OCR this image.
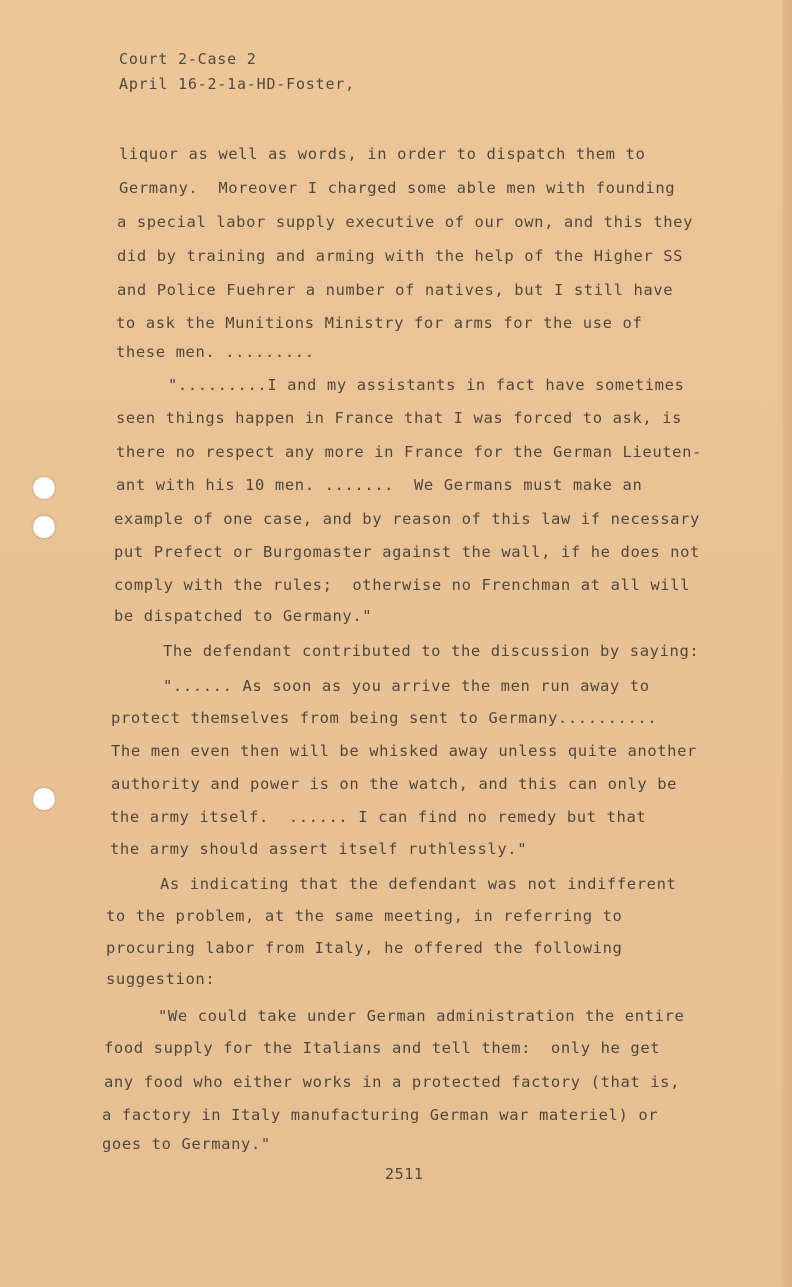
Court 2-Case 2
April 16-2-1a-HD-Foster,
liquor as well as words, in order to dispatch them to
Germany.  Moreover I charged some able men with founding
a special labor supply executive of our own, and this they
did by training and arming with the help of the Higher SS
and Police Fuehrer a number of natives, but I still have
to ask the Munitions Ministry for arms for the use of
these men. .........
".........I and my assistants in fact have sometimes
seen things happen in France that I was forced to ask, is
there no respect any more in France for the German Lieuten-
ant with his 10 men. .......  We Germans must make an
example of one case, and by reason of this law if necessary
put Prefect or Burgomaster against the wall, if he does not
comply with the rules;  otherwise no Frenchman at all will
be dispatched to Germany."
The defendant contributed to the discussion by saying:
"...... As soon as you arrive the men run away to
protect themselves from being sent to Germany..........
The men even then will be whisked away unless quite another
authority and power is on the watch, and this can only be
the army itself.  ...... I can find no remedy but that
the army should assert itself ruthlessly."
As indicating that the defendant was not indifferent
to the problem, at the same meeting, in referring to
procuring labor from Italy, he offered the following
suggestion:
"We could take under German administration the entire
food supply for the Italians and tell them:  only he get
any food who either works in a protected factory (that is,
a factory in Italy manufacturing German war materiel) or
goes to Germany."
2511
